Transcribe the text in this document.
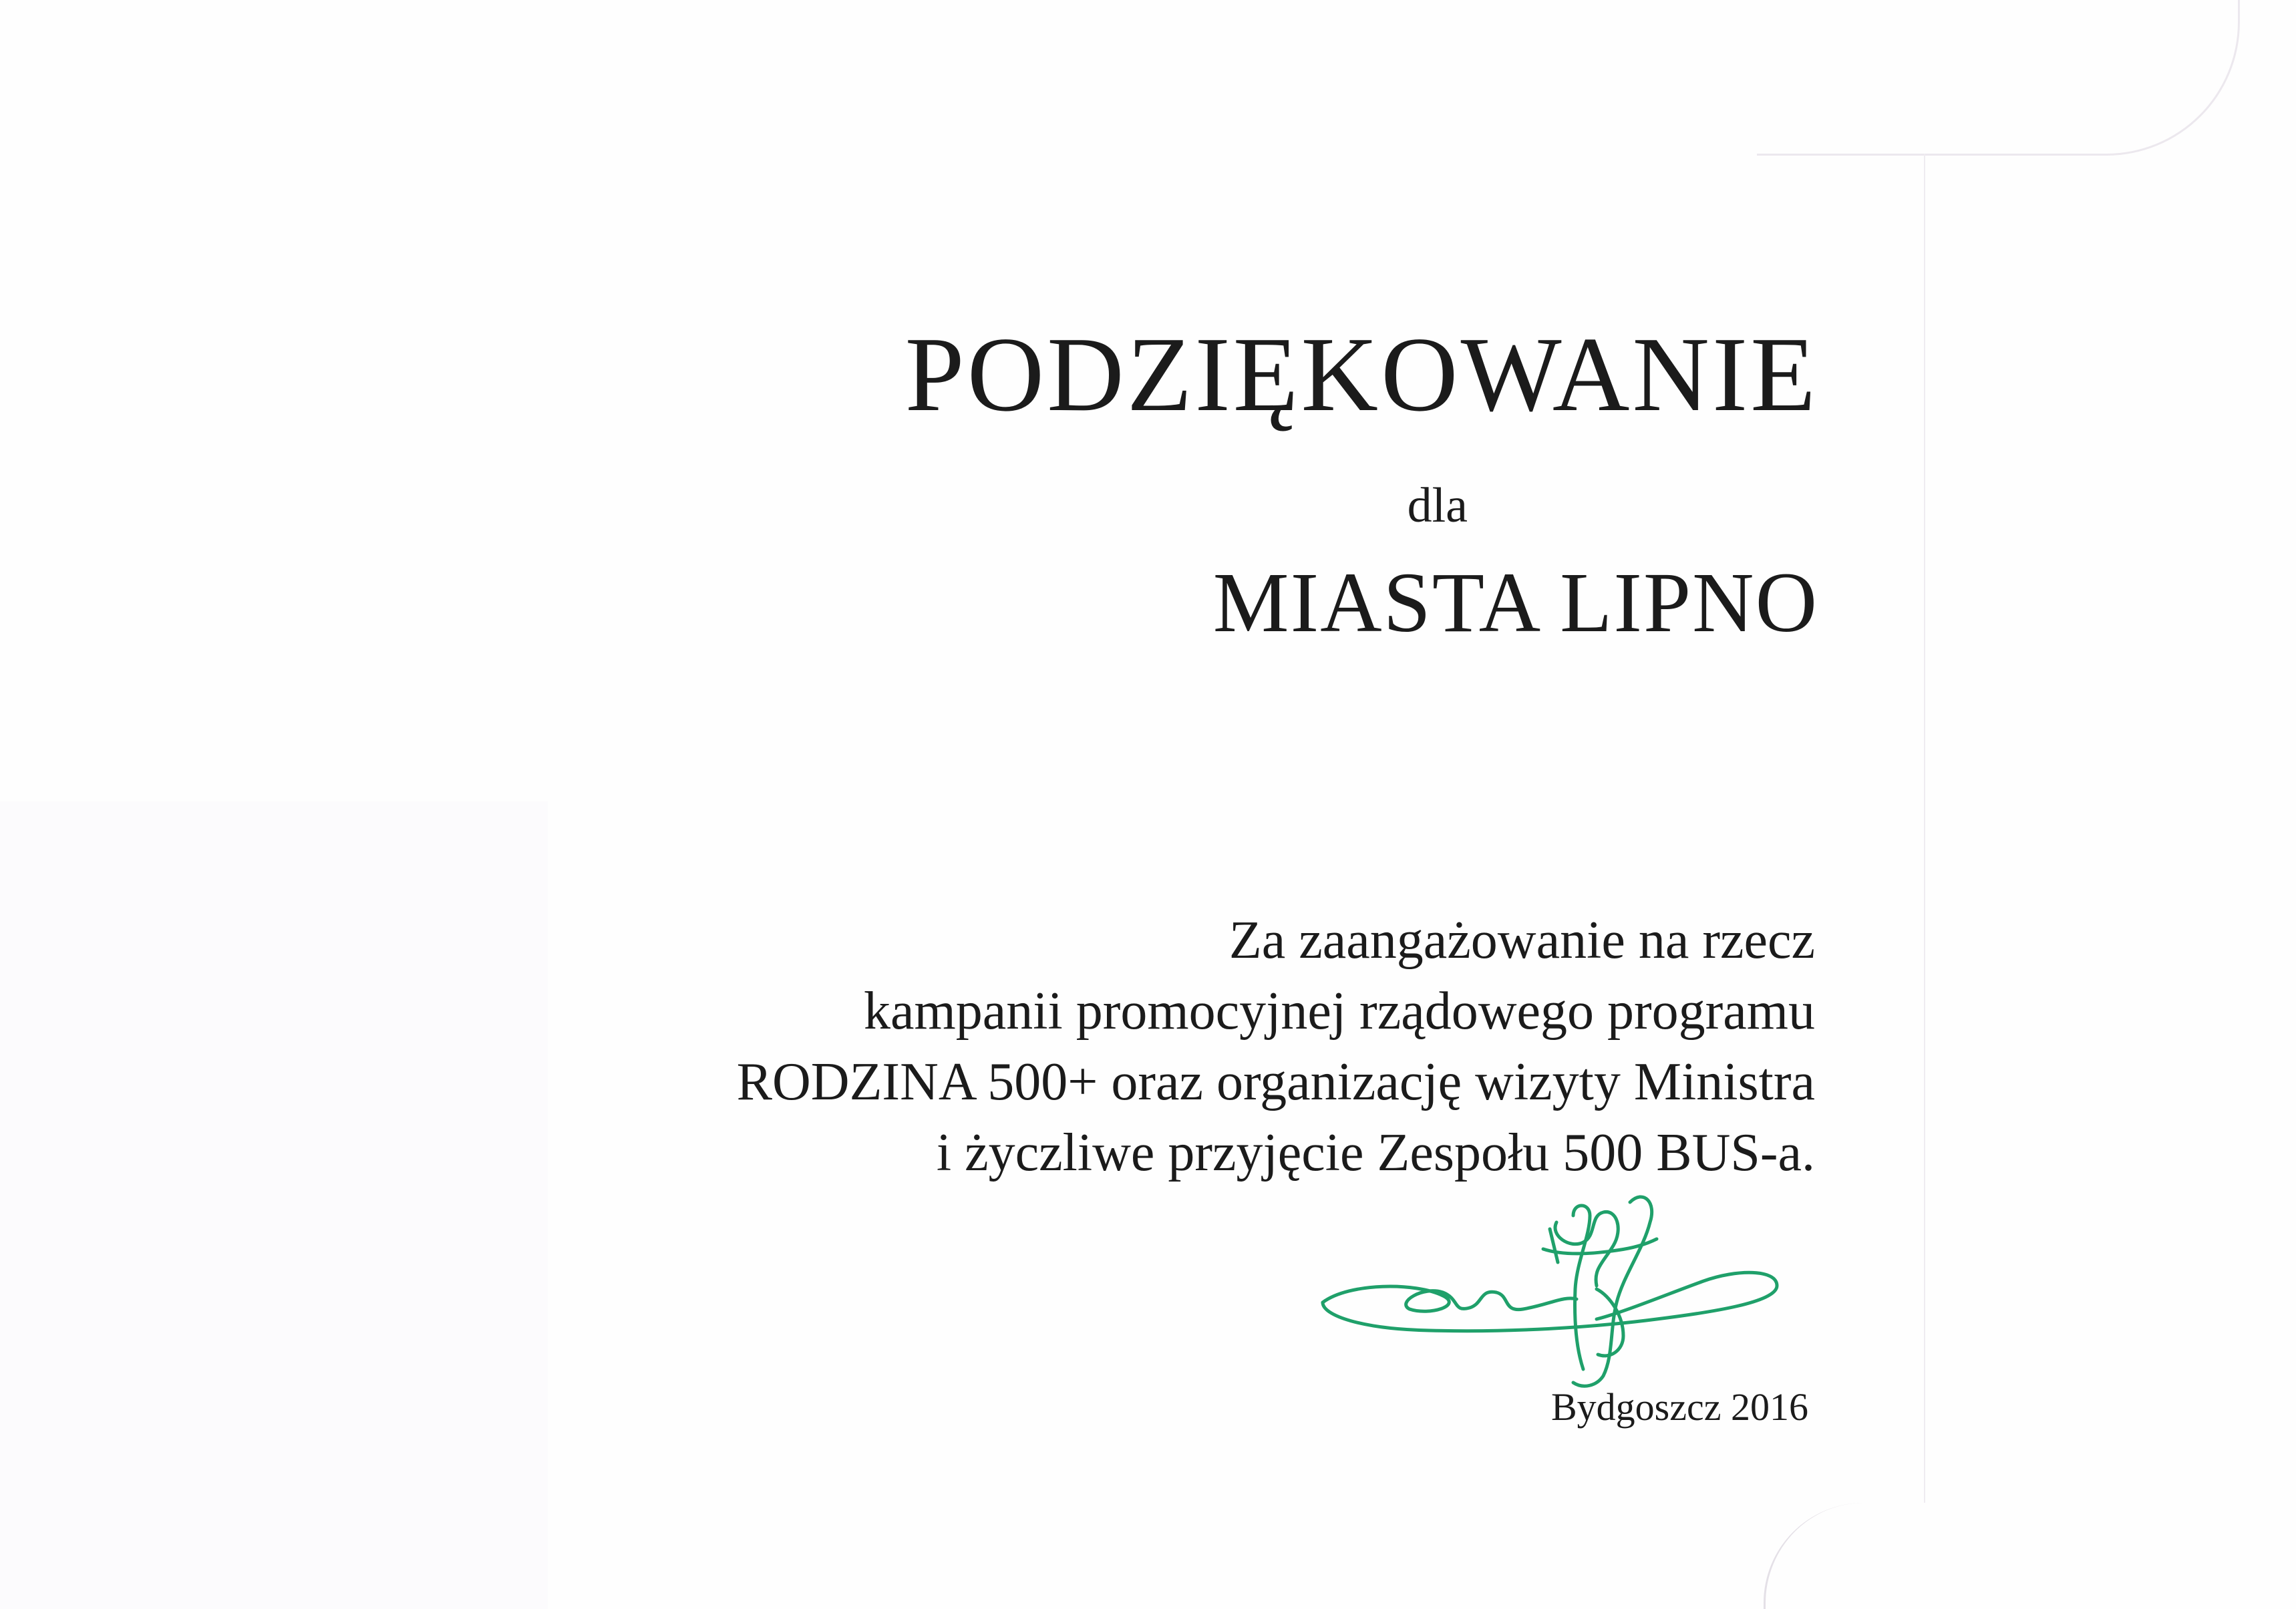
PODZIĘKOWANIE
dla
MIASTA LIPNO
Za zaangażowanie na rzecz
kampanii promocyjnej rządowego programu
RODZINA 500+ oraz organizację wizyty Ministra
i życzliwe przyjęcie Zespołu 500 BUS-a.
Bydgoszcz 2016
